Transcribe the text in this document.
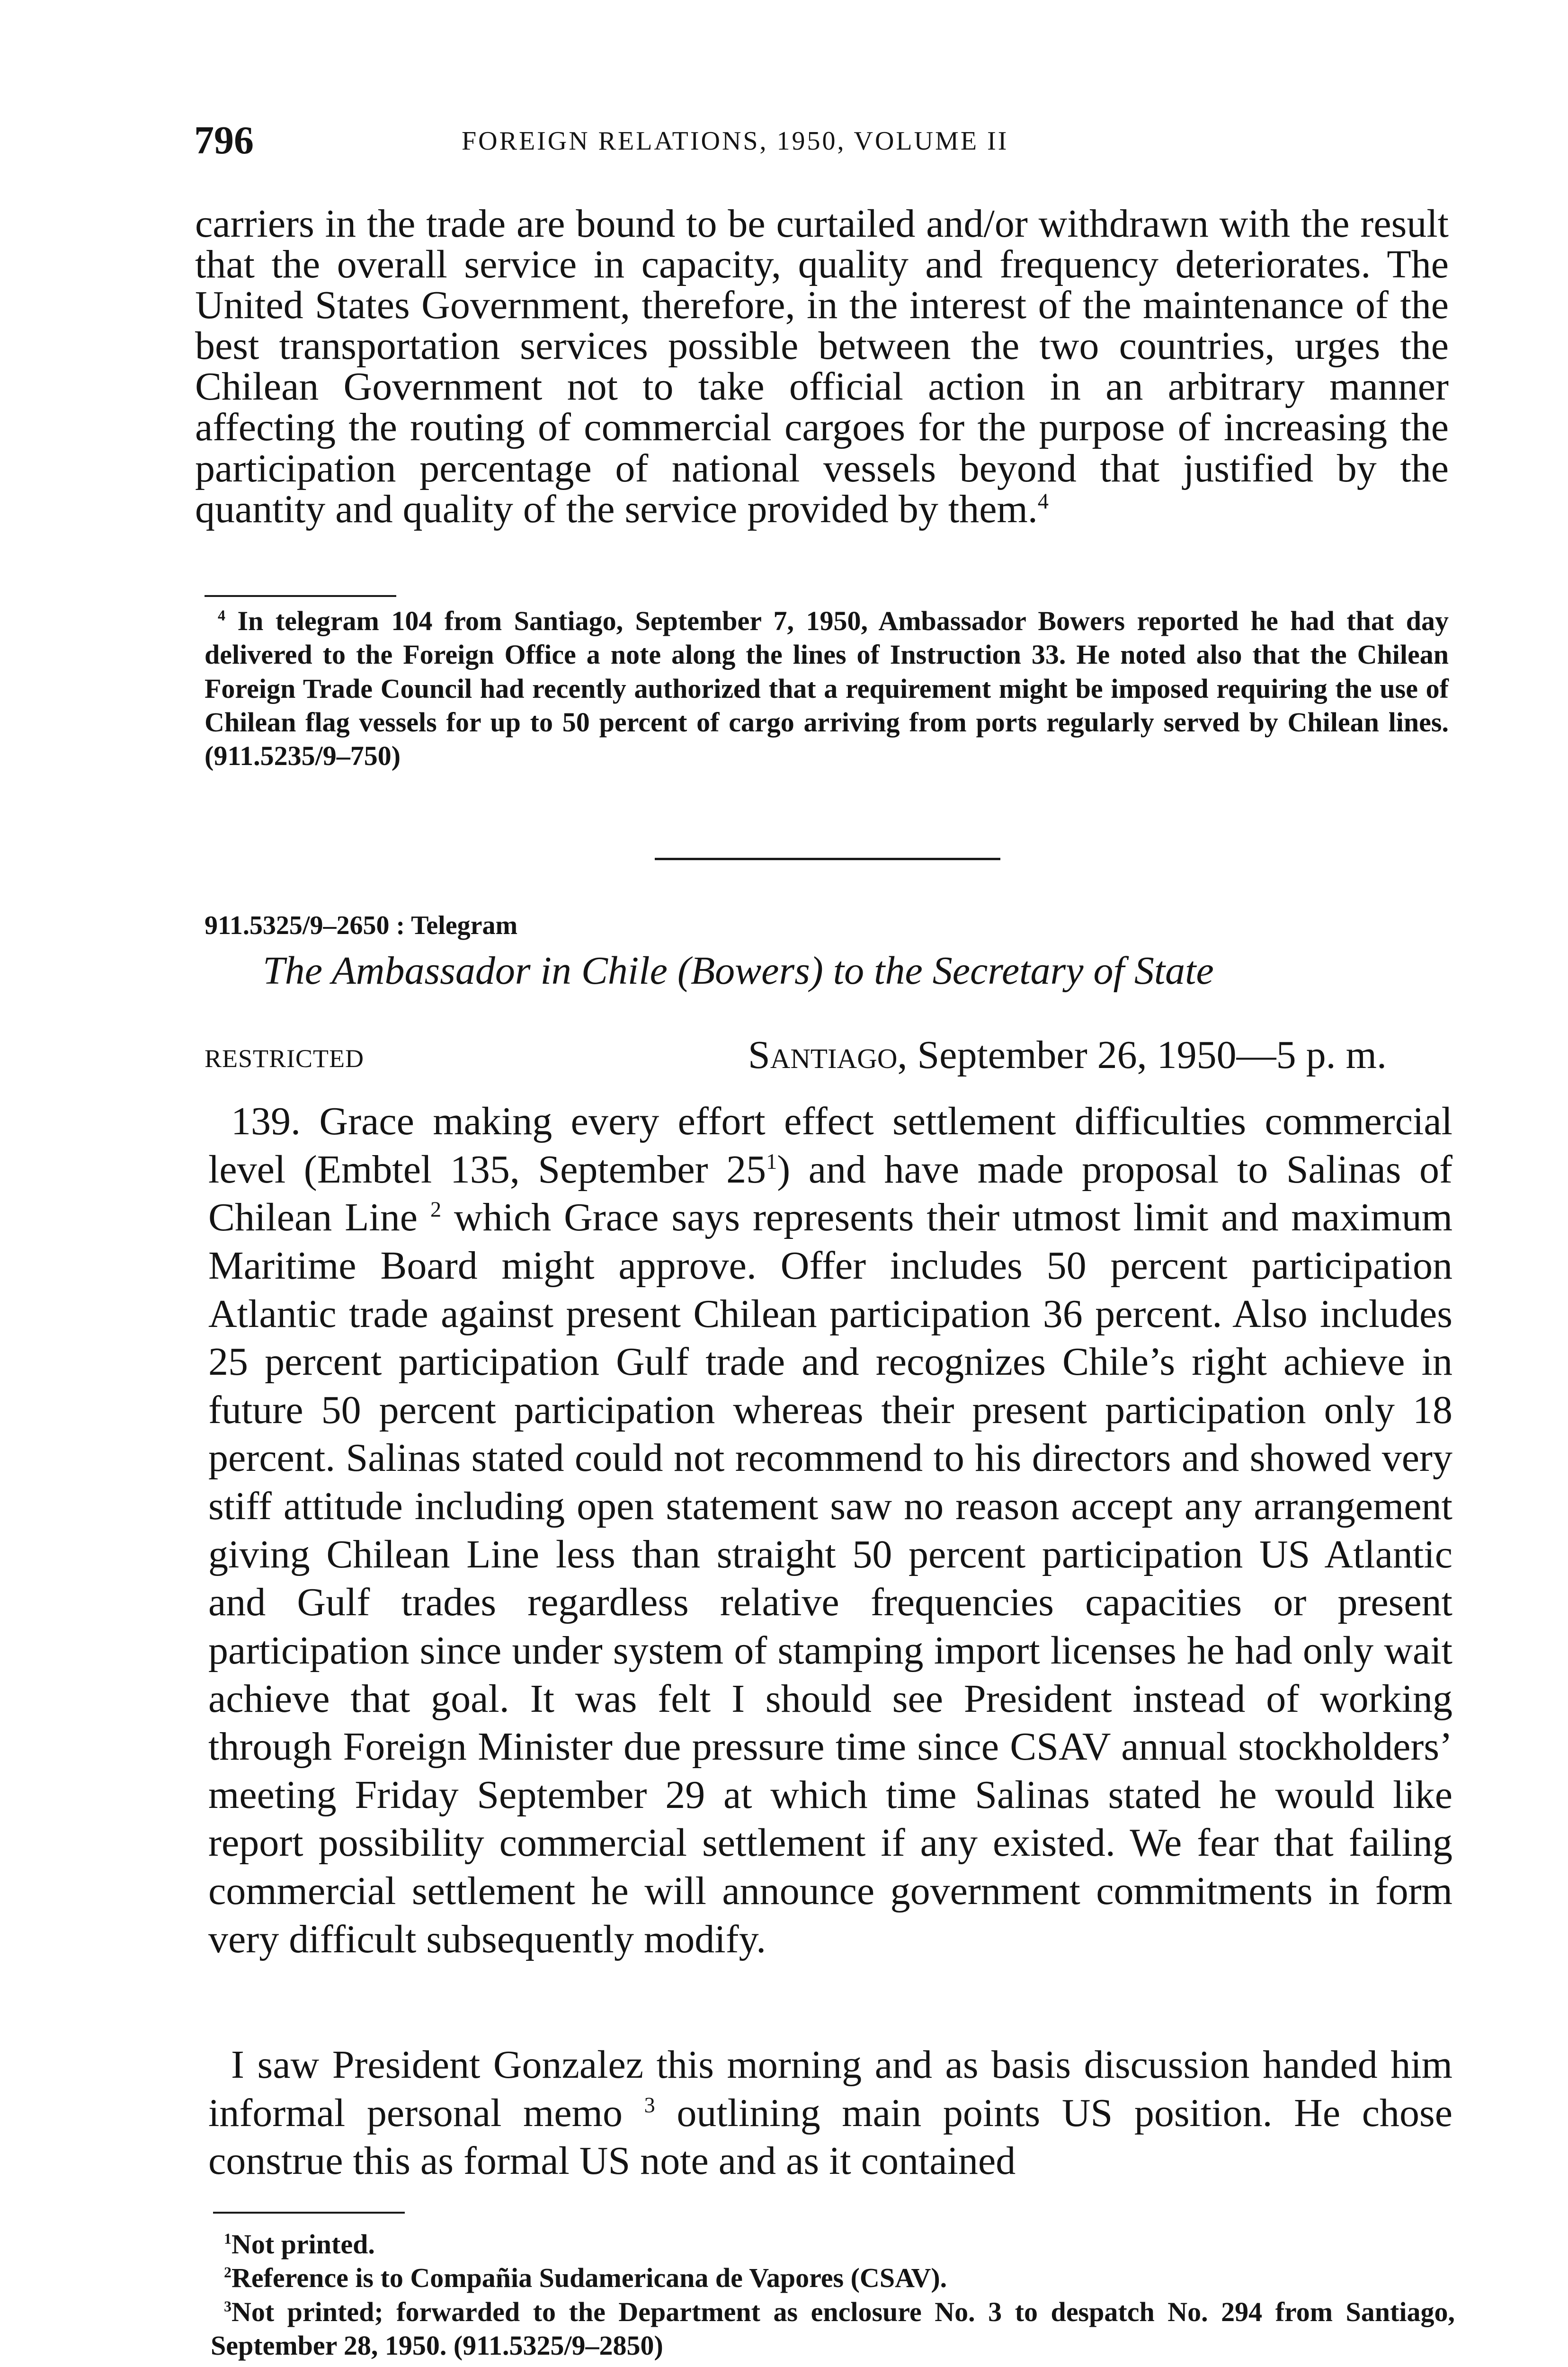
796	FOREIGN RELATIONS, 1950, VOLUME II

carriers in the trade are bound to be curtailed and/or withdrawn with the result that the overall service in capacity, quality and frequency deteriorates. The United States Government, therefore, in the interest of the maintenance of the best transportation services possible between the two countries, urges the Chilean Government not to take official action in an arbitrary manner affecting the routing of commercial cargoes for the purpose of increasing the participation percentage of national vessels beyond that justified by the quantity and quality of the service provided by them.$^4$

$^4$ In telegram 104 from Santiago, September 7, 1950, Ambassador Bowers reported he had that day delivered to the Foreign Office a note along the lines of Instruction 33. He noted also that the Chilean Foreign Trade Council had recently authorized that a requirement might be imposed requiring the use of Chilean flag vessels for up to 50 percent of cargo arriving from ports regularly served by Chilean lines. (911.5235/9–750)

911.5325/9–2650 : Telegram
The Ambassador in Chile (Bowers) to the Secretary of State
RESTRICTED	Santiago, September 26, 1950—5 p. m.

139. Grace making every effort effect settlement difficulties commercial level (Embtel 135, September $25^1$) and have made proposal to Salinas of Chilean Line $^2$ which Grace says represents their utmost limit and maximum Maritime Board might approve. Offer includes 50 percent participation Atlantic trade against present Chilean participation 36 percent. Also includes 25 percent participation Gulf trade and recognizes Chile’s right achieve in future 50 percent participation whereas their present participation only 18 percent. Salinas stated could not recommend to his directors and showed very stiff attitude including open statement saw no reason accept any arrangement giving Chilean Line less than straight 50 percent participation US Atlantic and Gulf trades regardless relative frequencies capacities or present participation since under system of stamping import licenses he had only wait achieve that goal. It was felt I should see President instead of working through Foreign Minister due pressure time since CSAV annual stockholders’ meeting Friday September 29 at which time Salinas stated he would like report possibility commercial settlement if any existed. We fear that failing commercial settlement he will announce government commitments in form very difficult subsequently modify.

I saw President Gonzalez this morning and as basis discussion handed him informal personal memo $^3$ outlining main points US position. He chose construe this as formal US note and as it contained

$^1$Not printed.
$^2$Reference is to Compañia Sudamericana de Vapores (CSAV).
$^3$Not printed; forwarded to the Department as enclosure No. 3 to despatch No. 294 from Santiago, September 28, 1950. (911.5325/9–2850)
